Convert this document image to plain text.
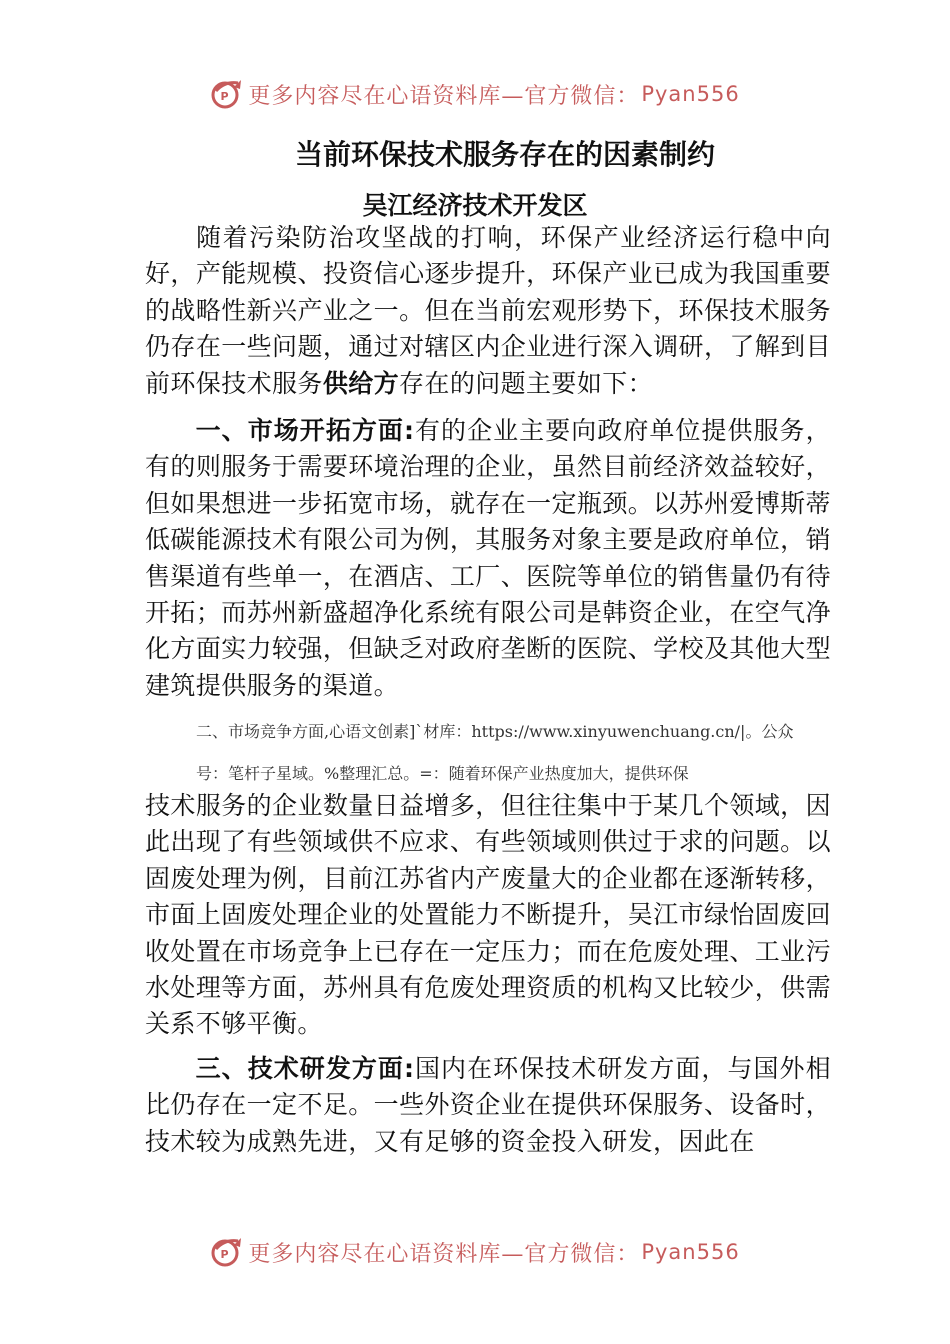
P 更多内容尽在心语资料库—官方微信： Pyan556
当前环保技术服务存在的因素制约
吴江经济技术开发区

随着污染防治攻坚战的打响，环保产业经济运行稳中向好，产能规模、投资信心逐步提升，环保产业已成为我国重要的战略性新兴产业之一。但在当前宏观形势下，环保技术服务仍存在一些问题，通过对辖区内企业进行深入调研，了解到目前环保技术服务供给方存在的问题主要如下：

一、市场开拓方面:有的企业主要向政府单位提供服务，有的则服务于需要环境治理的企业，虽然目前经济效益较好，但如果想进一步拓宽市场，就存在一定瓶颈。以苏州爱博斯蒂低碳能源技术有限公司为例，其服务对象主要是政府单位，销售渠道有些单一，在酒店、工厂、医院等单位的销售量仍有待开拓；而苏州新盛超净化系统有限公司是韩资企业，在空气净化方面实力较强，但缺乏对政府垄断的医院、学校及其他大型建筑提供服务的渠道。

二、市场竞争方面,心语文创素]`材库：https://www.xinyuwenchuang.cn/|。公众

号：笔杆子星域。%整理汇总。=：随着环保产业热度加大，提供环保

技术服务的企业数量日益增多，但往往集中于某几个领域，因此出现了有些领域供不应求、有些领域则供过于求的问题。以固废处理为例，目前江苏省内产废量大的企业都在逐渐转移，市面上固废处理企业的处置能力不断提升，吴江市绿怡固废回收处置在市场竞争上已存在一定压力；而在危废处理、工业污水处理等方面，苏州具有危废处理资质的机构又比较少，供需关系不够平衡。

三、技术研发方面:国内在环保技术研发方面，与国外相比仍存在一定不足。一些外资企业在提供环保服务、设备时，技术较为成熟先进，又有足够的资金投入研发，因此在

P 更多内容尽在心语资料库—官方微信： Pyan556
